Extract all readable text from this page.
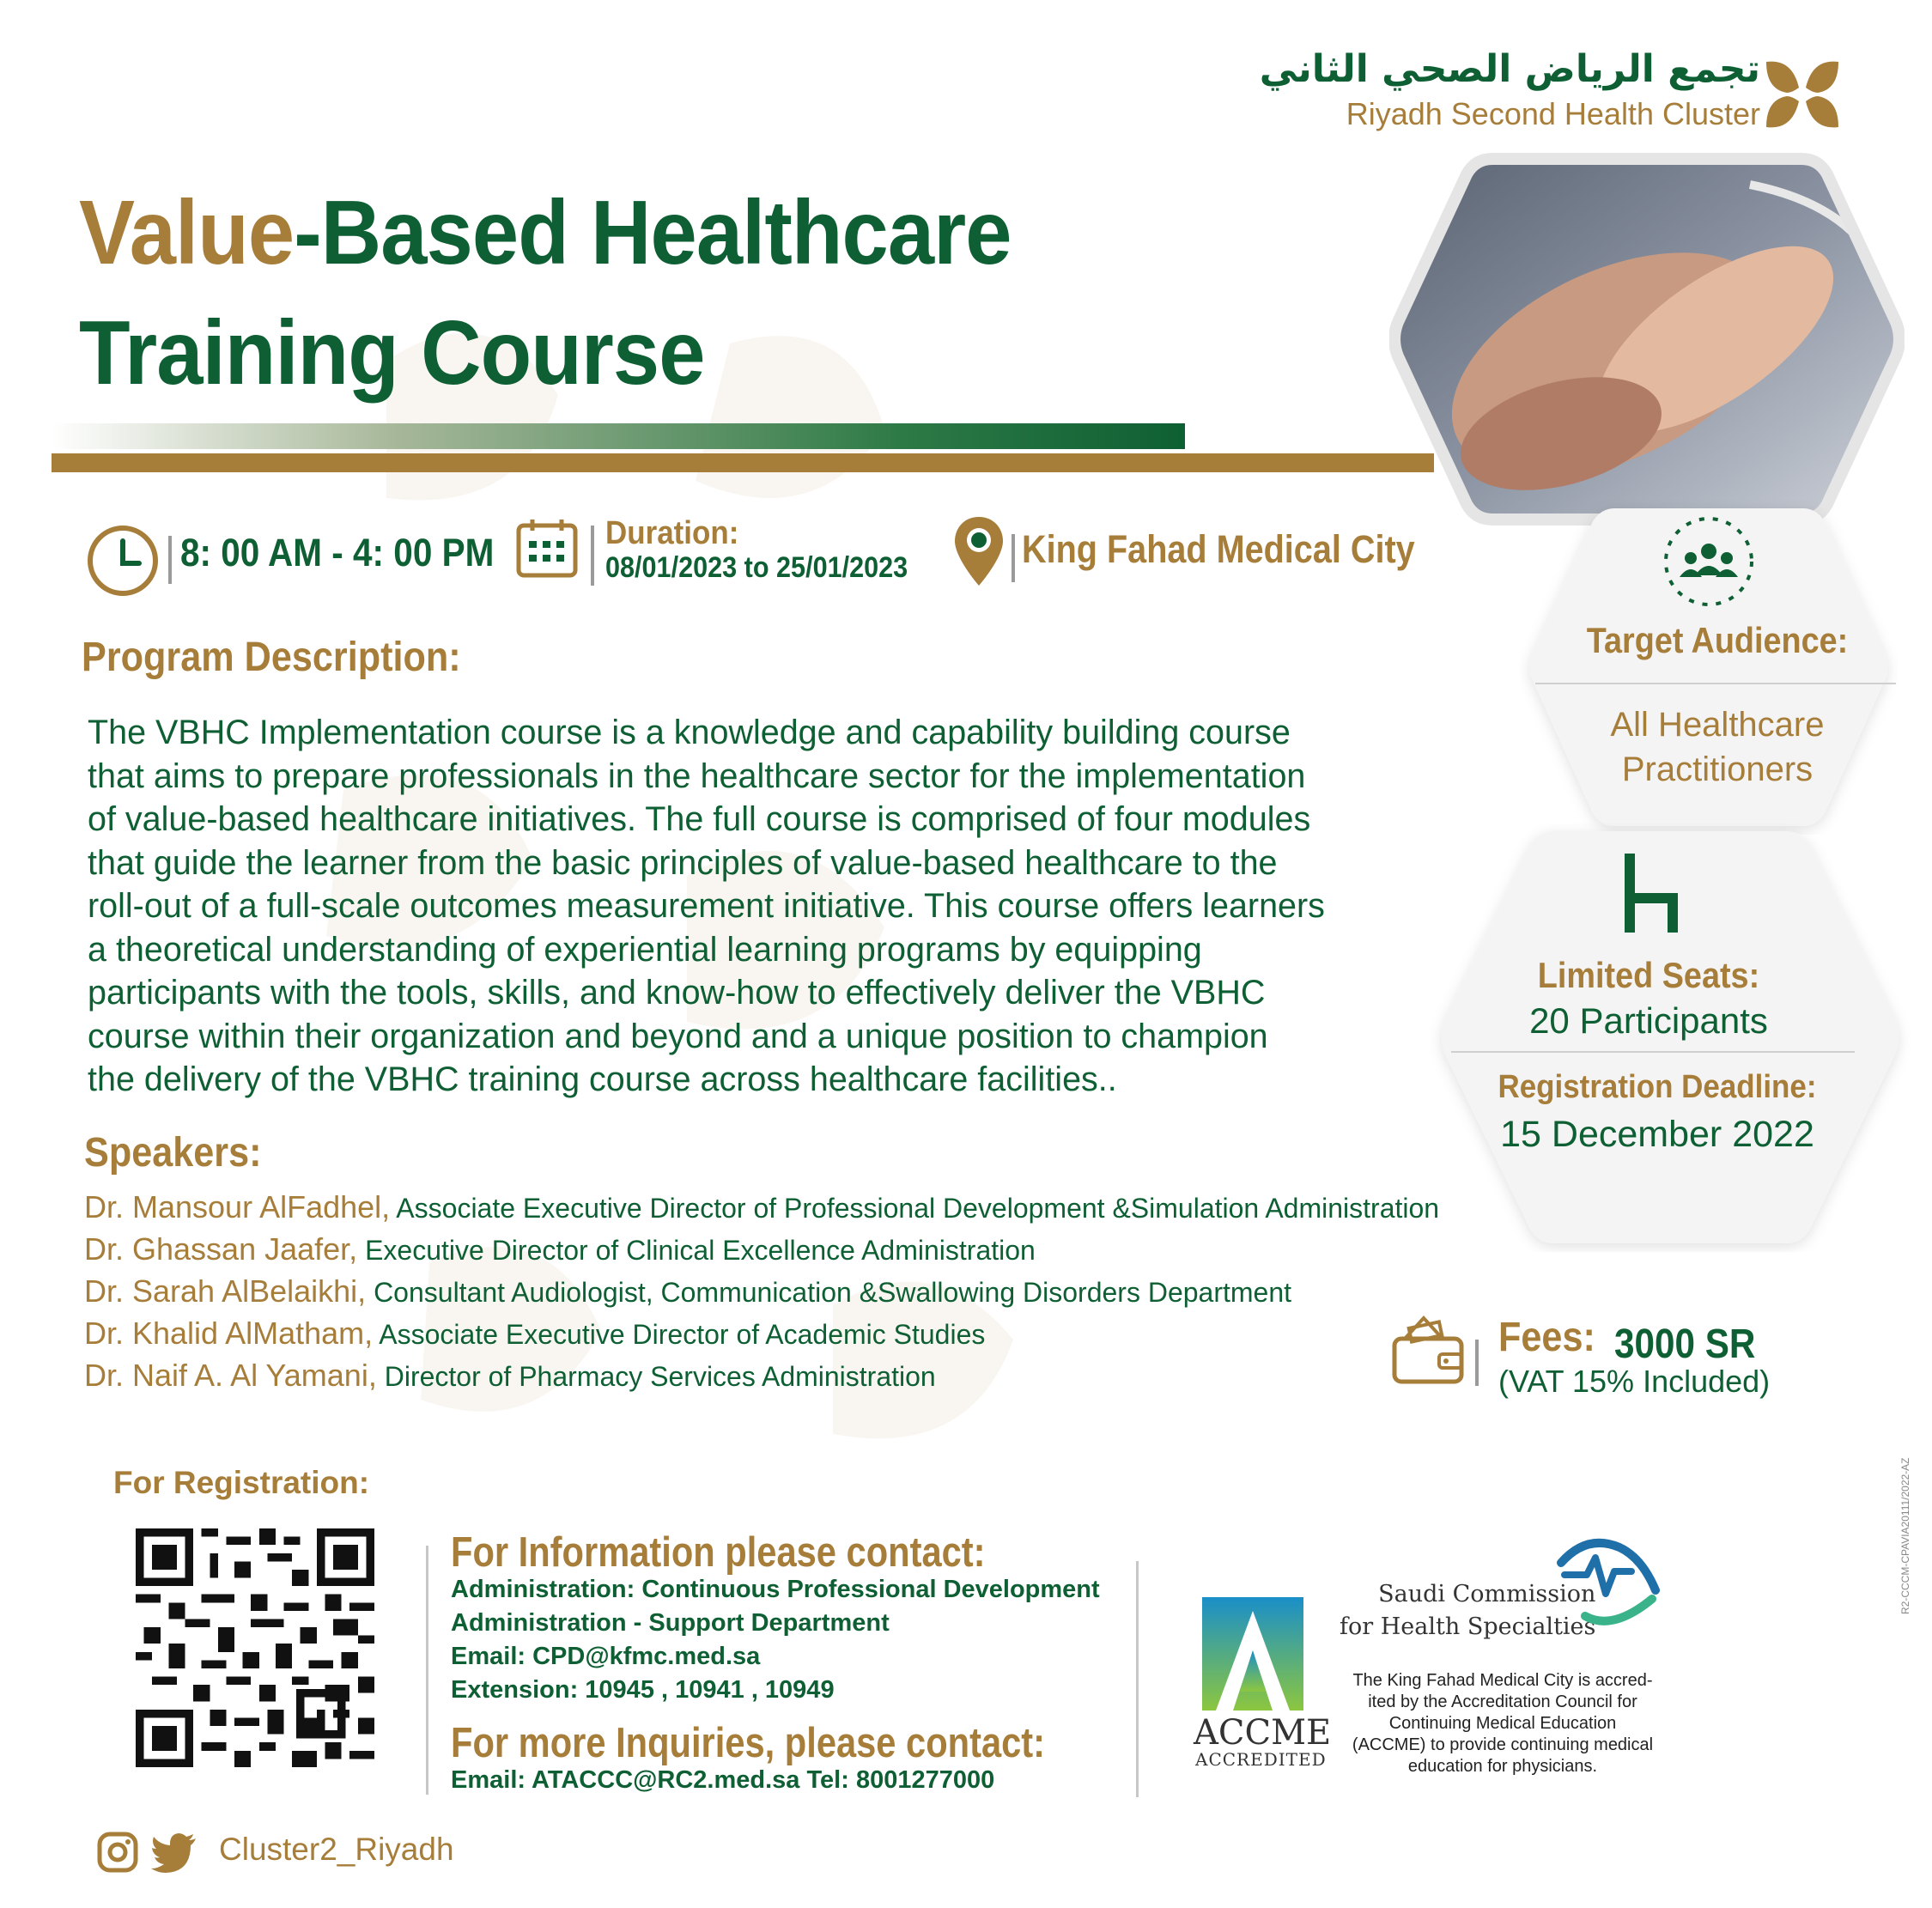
تجمع الرياض الصحي الثاني
Riyadh Second Health Cluster
Value-Based Healthcare
Training Course
8: 00 AM - 4: 00 PM	Duration:
08/01/2023 to 25/01/2023	King Fahad Medical City
Program Description:

The VBHC Implementation course is a knowledge and capability building course

that aims to prepare professionals in the healthcare sector for the implementation

of value-based healthcare initiatives. The full course is comprised of four modules

that guide the learner from the basic principles of value-based healthcare to the

roll-out of a full-scale outcomes measurement initiative. This course offers learners

a theoretical understanding of experiential learning programs by equipping

participants with the tools, skills, and know-how to effectively deliver the VBHC

course within their organization and beyond and a unique position to champion

the delivery of the VBHC training course across healthcare facilities..

Speakers:
Dr. Mansour AlFadhel, Associate Executive Director of Professional Development &Simulation Administration
Dr. Ghassan Jaafer, Executive Director of Clinical Excellence Administration
Dr. Sarah AlBelaikhi, Consultant Audiologist, Communication &Swallowing Disorders Department
Dr. Khalid AlMatham, Associate Executive Director of Academic Studies
Dr. Naif A. Al Yamani, Director of Pharmacy Services Administration
Target Audience:
All Healthcare
Practitioners
Limited Seats:
20 Participants
Registration Deadline:
15 December 2022
Fees: 3000 SR
(VAT 15% Included)
For Registration:
For Information please contact:
Administration: Continuous Professional Development
Administration - Support Department
Email: CPD@kfmc.med.sa
Extension: 10945 , 10941 , 10949
For more Inquiries, please contact:
Email: ATACCC@RC2.med.sa Tel: 8001277000
Saudi Commission
for Health Specialties
ACCME
ACCREDITED
The King Fahad Medical City is accred-
ited by the Accreditation Council for
Continuing Medical Education
(ACCME) to provide continuing medical
education for physicians.
Cluster2_Riyadh
R2-CCCM-CPAVIA20111/2022-AZ
